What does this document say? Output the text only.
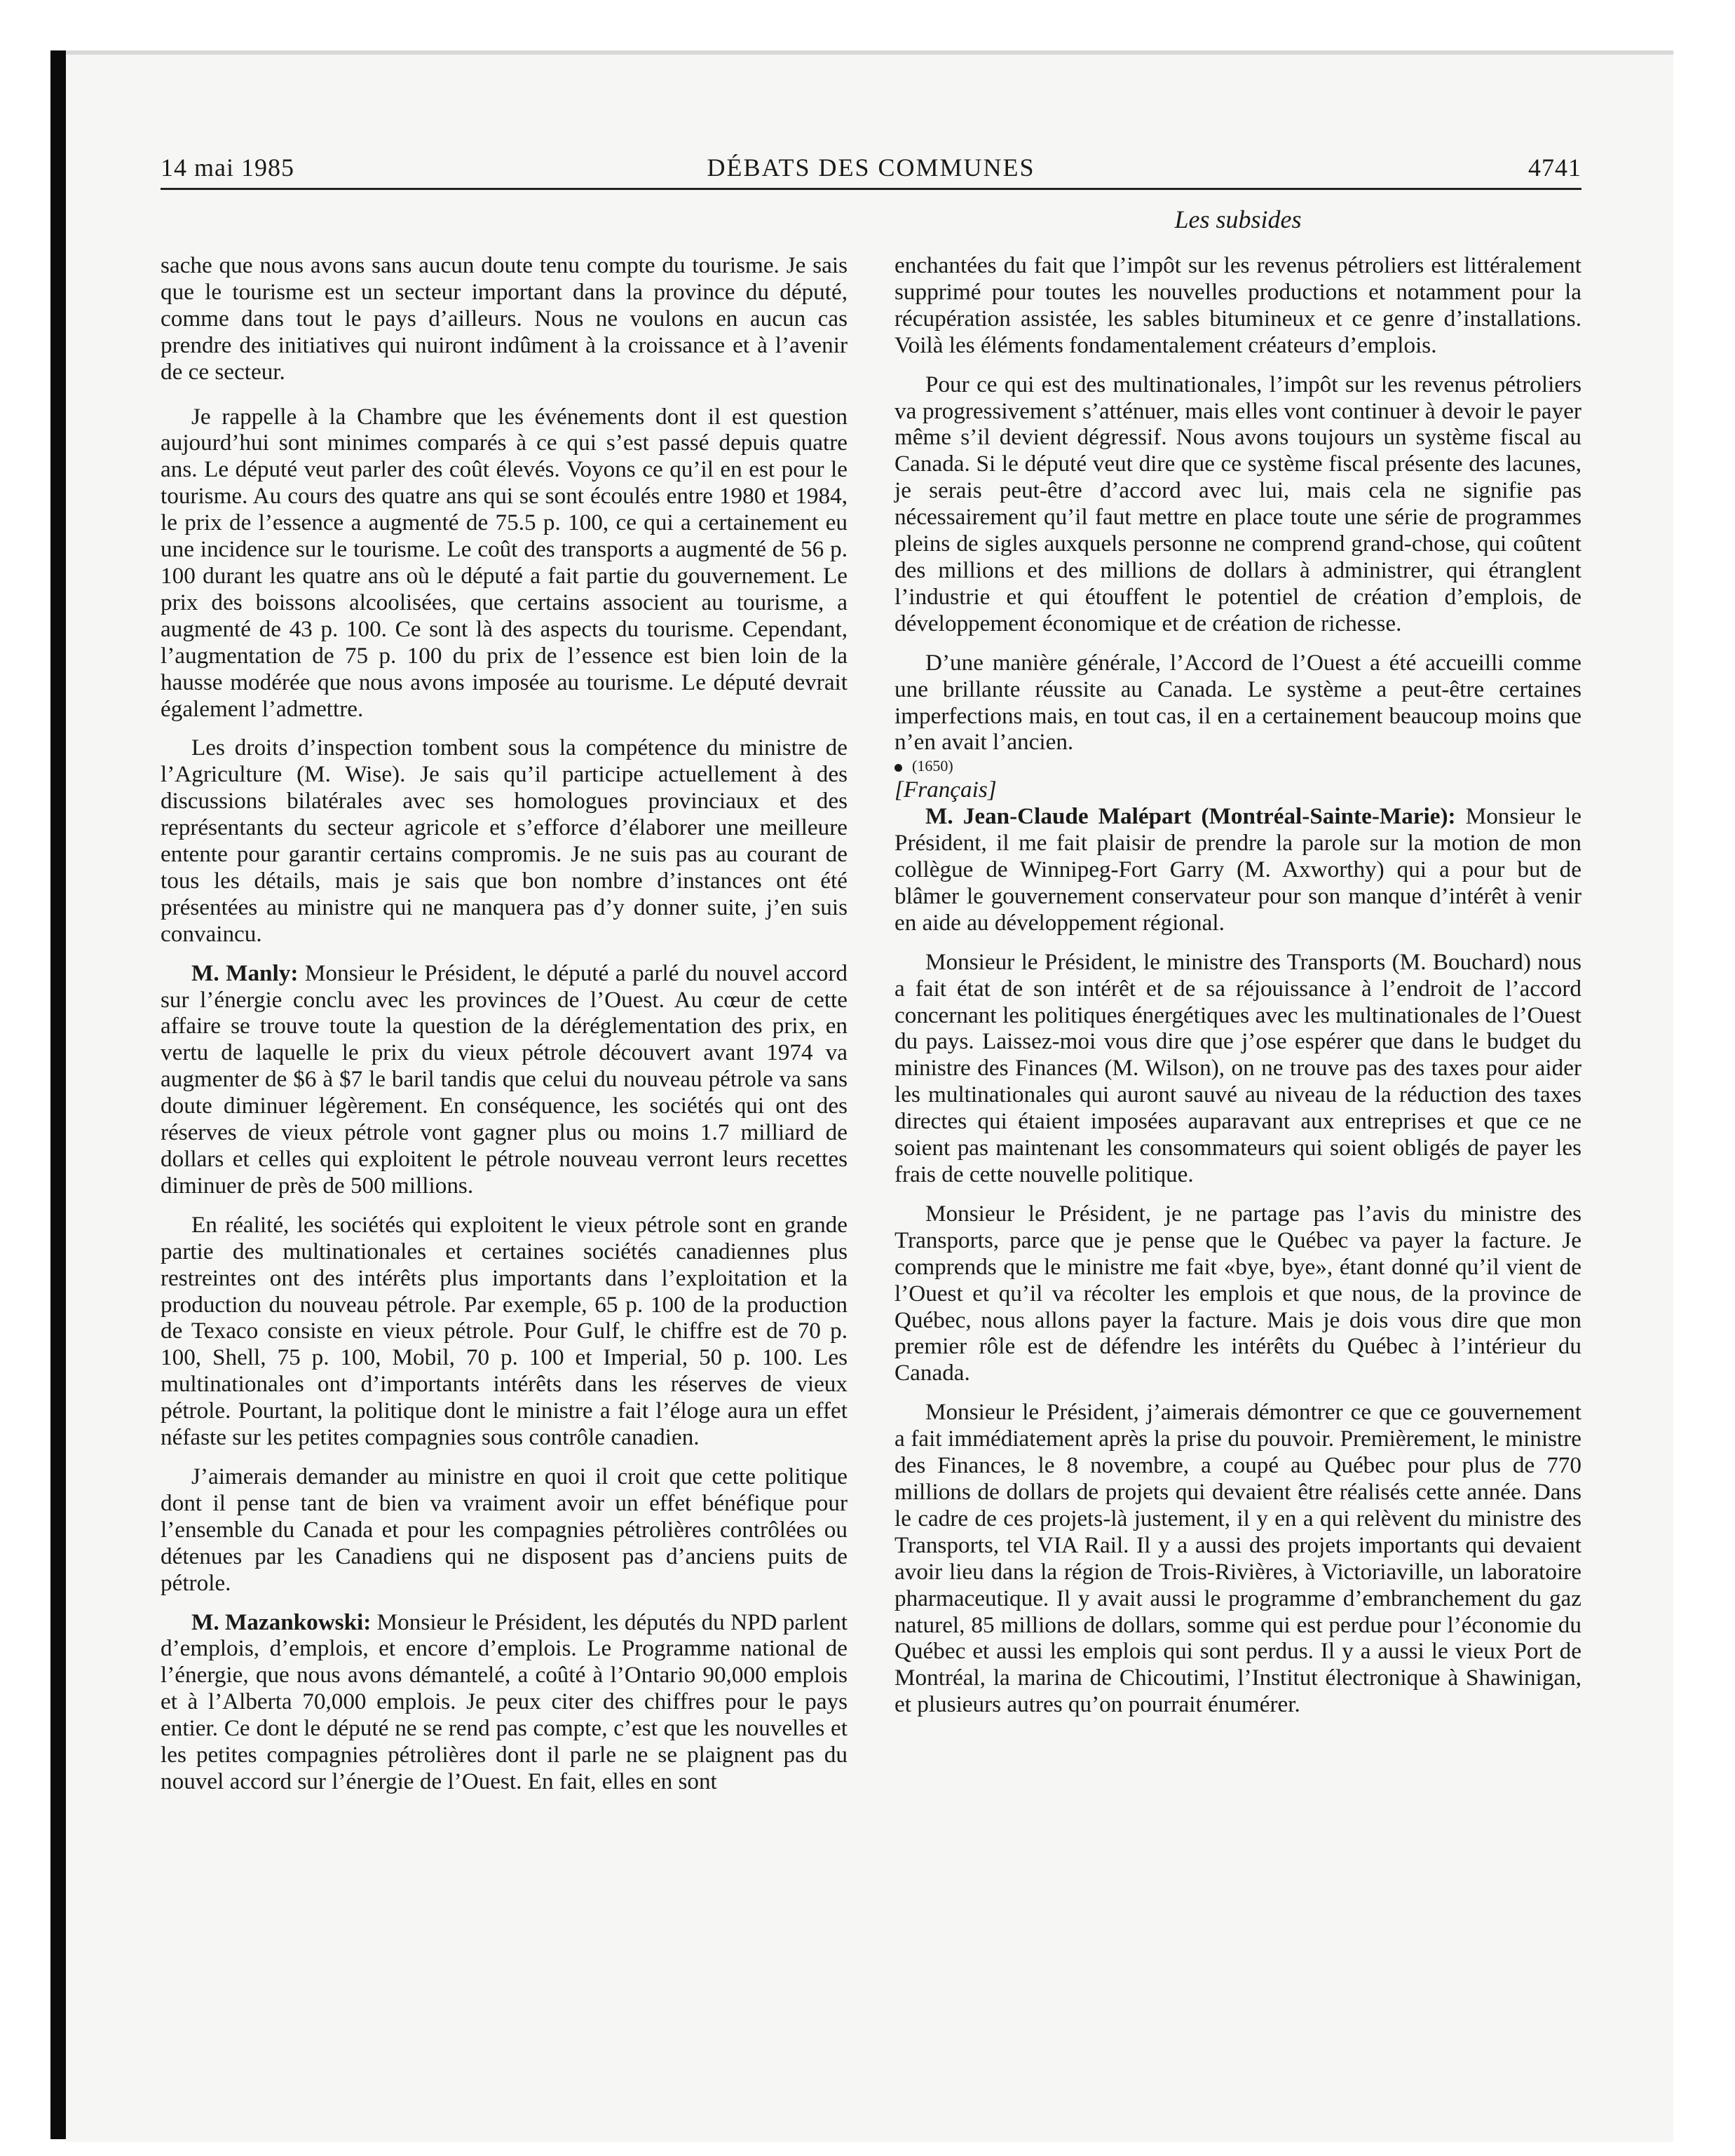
14 mai 1985	DÉBATS DES COMMUNES	4741
Les subsides

sache que nous avons sans aucun doute tenu compte du tourisme. Je sais que le tourisme est un secteur important dans la province du député, comme dans tout le pays d’ailleurs. Nous ne voulons en aucun cas prendre des initiatives qui nuiront indûment à la croissance et à l’avenir de ce secteur.

Je rappelle à la Chambre que les événements dont il est question aujourd’hui sont minimes comparés à ce qui s’est passé depuis quatre ans. Le député veut parler des coût élevés. Voyons ce qu’il en est pour le tourisme. Au cours des quatre ans qui se sont écoulés entre 1980 et 1984, le prix de l’essence a augmenté de 75.5 p. 100, ce qui a certainement eu une incidence sur le tourisme. Le coût des transports a augmenté de 56 p. 100 durant les quatre ans où le député a fait partie du gouvernement. Le prix des boissons alcoolisées, que certains associent au tourisme, a augmenté de 43 p. 100. Ce sont là des aspects du tourisme. Cependant, l’augmentation de 75 p. 100 du prix de l’essence est bien loin de la hausse modérée que nous avons imposée au tourisme. Le député devrait également l’admettre.

Les droits d’inspection tombent sous la compétence du ministre de l’Agriculture (M. Wise). Je sais qu’il participe actuellement à des discussions bilatérales avec ses homologues provinciaux et des représentants du secteur agricole et s’efforce d’élaborer une meilleure entente pour garantir certains compromis. Je ne suis pas au courant de tous les détails, mais je sais que bon nombre d’instances ont été présentées au ministre qui ne manquera pas d’y donner suite, j’en suis convaincu.

M. Manly: Monsieur le Président, le député a parlé du nouvel accord sur l’énergie conclu avec les provinces de l’Ouest. Au cœur de cette affaire se trouve toute la question de la déréglementation des prix, en vertu de laquelle le prix du vieux pétrole découvert avant 1974 va augmenter de $6 à $7 le baril tandis que celui du nouveau pétrole va sans doute diminuer légèrement. En conséquence, les sociétés qui ont des réserves de vieux pétrole vont gagner plus ou moins 1.7 milliard de dollars et celles qui exploitent le pétrole nouveau verront leurs recettes diminuer de près de 500 millions.

En réalité, les sociétés qui exploitent le vieux pétrole sont en grande partie des multinationales et certaines sociétés canadiennes plus restreintes ont des intérêts plus importants dans l’exploitation et la production du nouveau pétrole. Par exemple, 65 p. 100 de la production de Texaco consiste en vieux pétrole. Pour Gulf, le chiffre est de 70 p. 100, Shell, 75 p. 100, Mobil, 70 p. 100 et Imperial, 50 p. 100. Les multinationales ont d’importants intérêts dans les réserves de vieux pétrole. Pourtant, la politique dont le ministre a fait l’éloge aura un effet néfaste sur les petites compagnies sous contrôle canadien.

J’aimerais demander au ministre en quoi il croit que cette politique dont il pense tant de bien va vraiment avoir un effet bénéfique pour l’ensemble du Canada et pour les compagnies pétrolières contrôlées ou détenues par les Canadiens qui ne disposent pas d’anciens puits de pétrole.

M. Mazankowski: Monsieur le Président, les députés du NPD parlent d’emplois, d’emplois, et encore d’emplois. Le Programme national de l’énergie, que nous avons démantelé, a coûté à l’Ontario 90,000 emplois et à l’Alberta 70,000 emplois. Je peux citer des chiffres pour le pays entier. Ce dont le député ne se rend pas compte, c’est que les nouvelles et les petites compagnies pétrolières dont il parle ne se plaignent pas du nouvel accord sur l’énergie de l’Ouest. En fait, elles en sont

enchantées du fait que l’impôt sur les revenus pétroliers est littéralement supprimé pour toutes les nouvelles productions et notamment pour la récupération assistée, les sables bitumineux et ce genre d’installations. Voilà les éléments fondamentalement créateurs d’emplois.

Pour ce qui est des multinationales, l’impôt sur les revenus pétroliers va progressivement s’atténuer, mais elles vont continuer à devoir le payer même s’il devient dégressif. Nous avons toujours un système fiscal au Canada. Si le député veut dire que ce système fiscal présente des lacunes, je serais peut-être d’accord avec lui, mais cela ne signifie pas nécessairement qu’il faut mettre en place toute une série de programmes pleins de sigles auxquels personne ne comprend grand-chose, qui coûtent des millions et des millions de dollars à administrer, qui étranglent l’industrie et qui étouffent le potentiel de création d’emplois, de développement économique et de création de richesse.

D’une manière générale, l’Accord de l’Ouest a été accueilli comme une brillante réussite au Canada. Le système a peut-être certaines imperfections mais, en tout cas, il en a certainement beaucoup moins que n’en avait l’ancien.

(1650)

[Français]

M. Jean-Claude Malépart (Montréal-Sainte-Marie): Monsieur le Président, il me fait plaisir de prendre la parole sur la motion de mon collègue de Winnipeg-Fort Garry (M. Axworthy) qui a pour but de blâmer le gouvernement conservateur pour son manque d’intérêt à venir en aide au développement régional.

Monsieur le Président, le ministre des Transports (M. Bouchard) nous a fait état de son intérêt et de sa réjouissance à l’endroit de l’accord concernant les politiques énergétiques avec les multinationales de l’Ouest du pays. Laissez-moi vous dire que j’ose espérer que dans le budget du ministre des Finances (M. Wilson), on ne trouve pas des taxes pour aider les multinationales qui auront sauvé au niveau de la réduction des taxes directes qui étaient imposées auparavant aux entreprises et que ce ne soient pas maintenant les consommateurs qui soient obligés de payer les frais de cette nouvelle politique.

Monsieur le Président, je ne partage pas l’avis du ministre des Transports, parce que je pense que le Québec va payer la facture. Je comprends que le ministre me fait «bye, bye», étant donné qu’il vient de l’Ouest et qu’il va récolter les emplois et que nous, de la province de Québec, nous allons payer la facture. Mais je dois vous dire que mon premier rôle est de défendre les intérêts du Québec à l’intérieur du Canada.

Monsieur le Président, j’aimerais démontrer ce que ce gouvernement a fait immédiatement après la prise du pouvoir. Premièrement, le ministre des Finances, le 8 novembre, a coupé au Québec pour plus de 770 millions de dollars de projets qui devaient être réalisés cette année. Dans le cadre de ces projets-là justement, il y en a qui relèvent du ministre des Transports, tel VIA Rail. Il y a aussi des projets importants qui devaient avoir lieu dans la région de Trois-Rivières, à Victoriaville, un laboratoire pharmaceutique. Il y avait aussi le programme d’embranchement du gaz naturel, 85 millions de dollars, somme qui est perdue pour l’économie du Québec et aussi les emplois qui sont perdus. Il y a aussi le vieux Port de Montréal, la marina de Chicoutimi, l’Institut électronique à Shawinigan, et plusieurs autres qu’on pourrait énumérer.
